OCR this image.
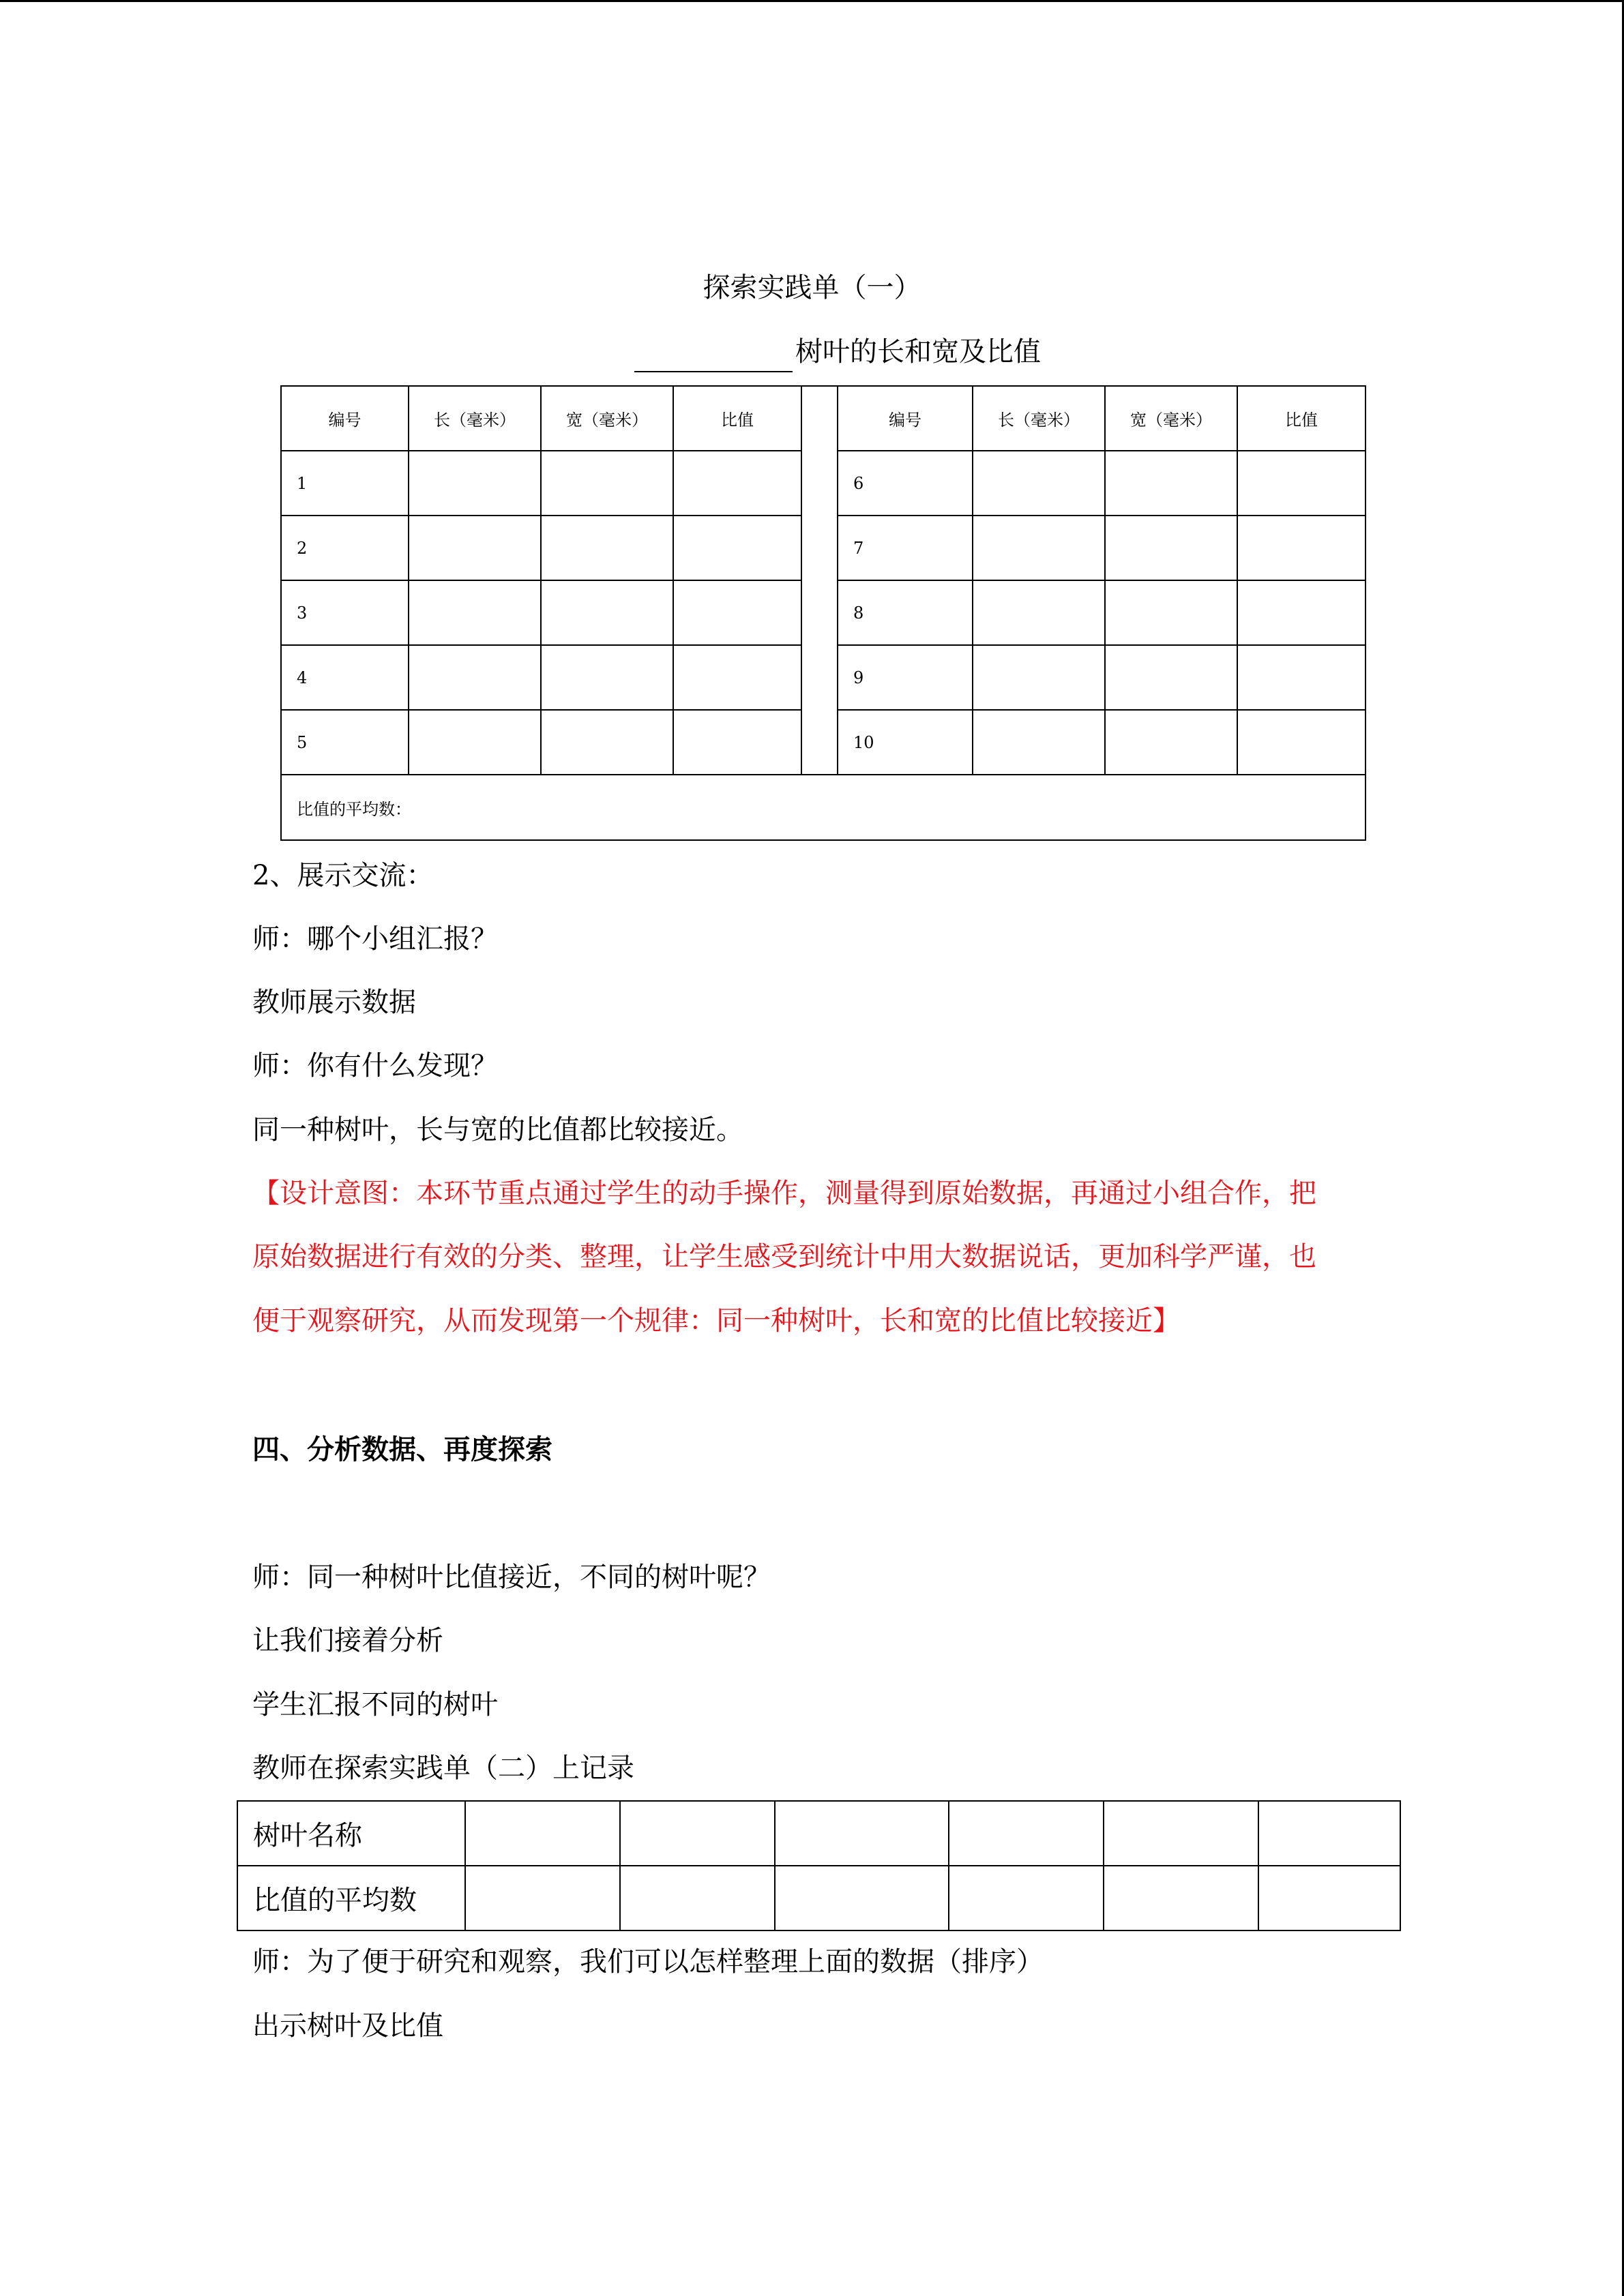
探索实践单（一）
树叶的长和宽及比值
编号	长（毫米）	宽（毫米）	比值		编号	长（毫米）	宽（毫米）	比值
1					6			
2					7			
3					8			
4					9			
5					10			
比值的平均数：								
2、展示交流：
师：哪个小组汇报？
教师展示数据
师：你有什么发现？
同一种树叶，长与宽的比值都比较接近。
【设计意图：本环节重点通过学生的动手操作，测量得到原始数据，再通过小组合作，把
原始数据进行有效的分类、整理，让学生感受到统计中用大数据说话，更加科学严谨，也
便于观察研究，从而发现第一个规律：同一种树叶，长和宽的比值比较接近】
四、分析数据、再度探索
师：同一种树叶比值接近，不同的树叶呢？
让我们接着分析
学生汇报不同的树叶
教师在探索实践单（二）上记录
树叶名称						
比值的平均数						
师：为了便于研究和观察，我们可以怎样整理上面的数据（排序）
出示树叶及比值
